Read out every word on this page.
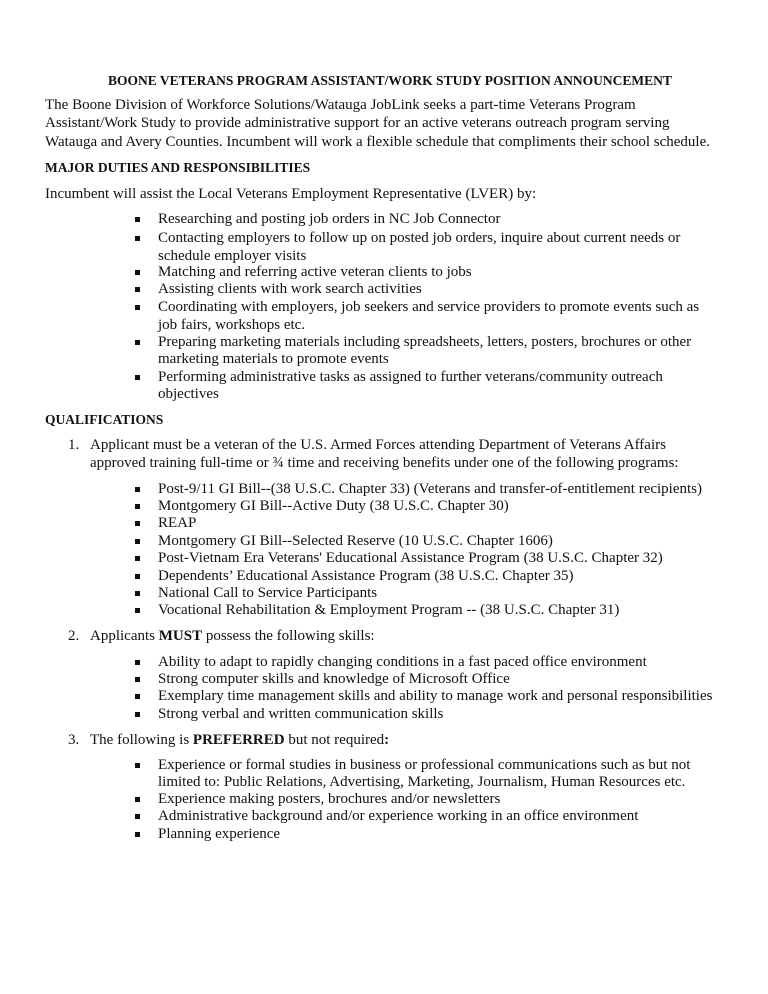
BOONE VETERANS PROGRAM ASSISTANT/WORK STUDY POSITION ANNOUNCEMENT
The Boone Division of Workforce Solutions/Watauga JobLink seeks a part-time Veterans Program
Assistant/Work Study to provide administrative support for an active veterans outreach program serving
Watauga and Avery Counties. Incumbent will work a flexible schedule that compliments their school schedule.
MAJOR DUTIES AND RESPONSIBILITIES
Incumbent will assist the Local Veterans Employment Representative (LVER) by:
Researching and posting job orders in NC Job Connector
Contacting employers to follow up on posted job orders, inquire about current needs or
schedule employer visits
Matching and referring active veteran clients to jobs
Assisting clients with work search activities
Coordinating with employers, job seekers and service providers to promote events such as
job fairs, workshops etc.
Preparing marketing materials including spreadsheets, letters, posters, brochures or other
marketing materials to promote events
Performing administrative tasks as assigned to further veterans/community outreach
objectives
QUALIFICATIONS
1. Applicant must be a veteran of the U.S. Armed Forces attending Department of Veterans Affairs
approved training full-time or ¾ time and receiving benefits under one of the following programs:
Post-9/11 GI Bill--(38 U.S.C. Chapter 33) (Veterans and transfer-of-entitlement recipients)
Montgomery GI Bill--Active Duty (38 U.S.C. Chapter 30)
REAP
Montgomery GI Bill--Selected Reserve (10 U.S.C. Chapter 1606)
Post-Vietnam Era Veterans' Educational Assistance Program (38 U.S.C. Chapter 32)
Dependents’ Educational Assistance Program (38 U.S.C. Chapter 35)
National Call to Service Participants
Vocational Rehabilitation & Employment Program -- (38 U.S.C. Chapter 31)
2. Applicants MUST possess the following skills:
Ability to adapt to rapidly changing conditions in a fast paced office environment
Strong computer skills and knowledge of Microsoft Office
Exemplary time management skills and ability to manage work and personal responsibilities
Strong verbal and written communication skills
3. The following is PREFERRED but not required:
Experience or formal studies in business or professional communications such as but not
limited to: Public Relations, Advertising, Marketing, Journalism, Human Resources etc.
Experience making posters, brochures and/or newsletters
Administrative background and/or experience working in an office environment
Planning experience
